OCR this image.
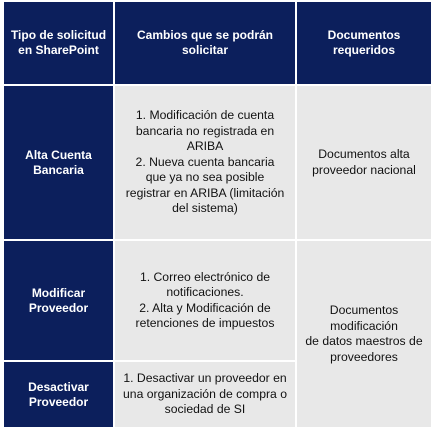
Tipo de solicitud
en SharePoint
Cambios que se podrán
solicitar
Documentos
requeridos
Alta Cuenta
Bancaria
1. Modificación de cuenta
bancaria no registrada en
ARIBA
2. Nueva cuenta bancaria
que ya no sea posible
registrar en ARIBA (limitación
del sistema)
Documentos alta
proveedor nacional
Modificar
Proveedor
1. Correo electrónico de
notificaciones.
2. Alta y Modificación de
retenciones de impuestos
Documentos
modificación
de datos maestros de
proveedores
Desactivar
Proveedor
1. Desactivar un proveedor en
una organización de compra o
sociedad de SI
